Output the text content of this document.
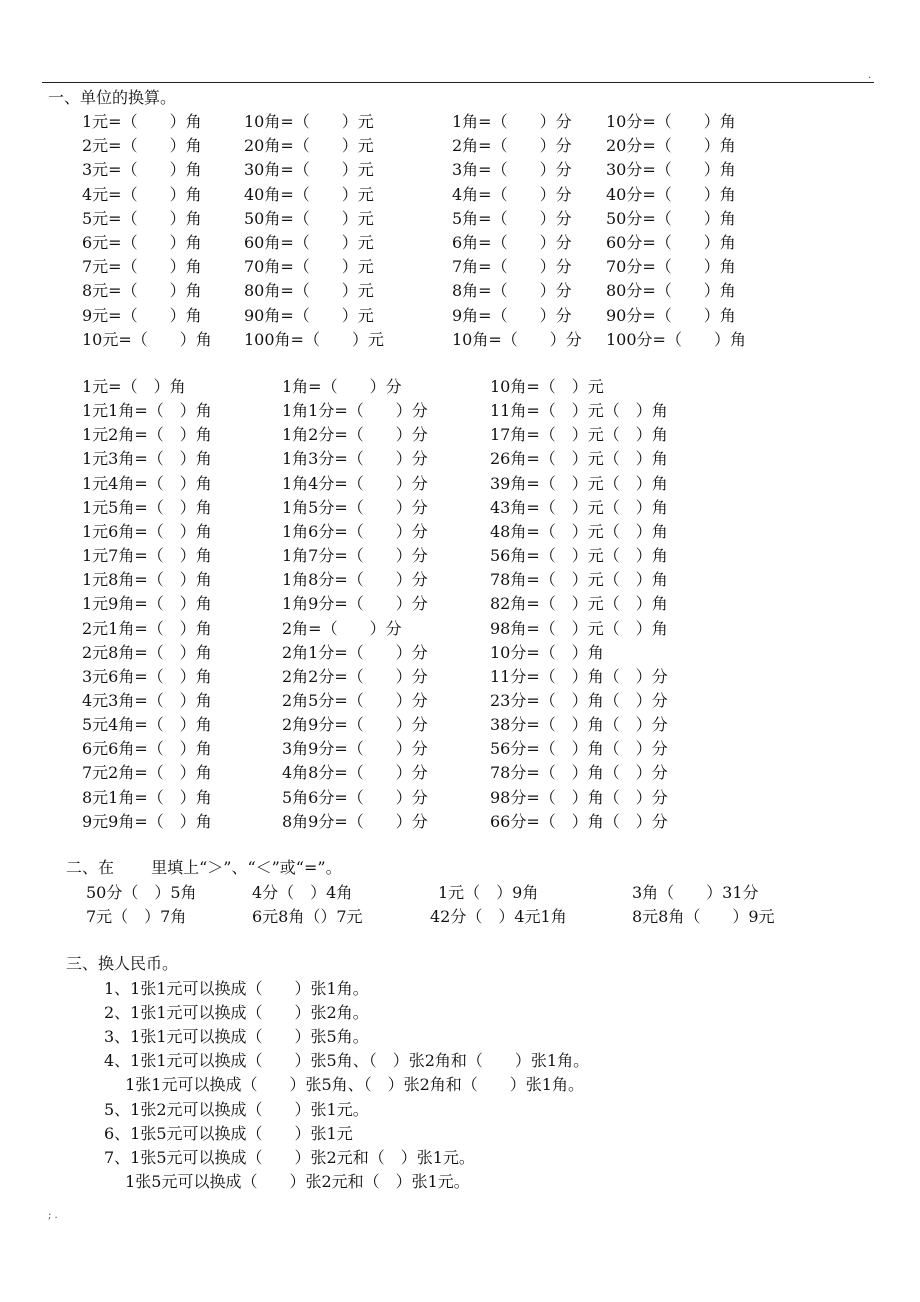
.
; .
一、单位的换算。
1元=（　　）角	10角=（　　）元	1角=（　　）分 10分=（　　）角
2元=（　　）角	20角=（　　）元	2角=（　　）分 20分=（　　）角
3元=（　　）角	30角=（　　）元	3角=（　　）分 30分=（　　）角
4元=（　　）角	40角=（　　）元	4角=（　　）分 40分=（　　）角
5元=（　　）角	50角=（　　）元	5角=（　　）分 50分=（　　）角
6元=（　　）角	60角=（　　）元	6角=（　　）分 60分=（　　）角
7元=（　　）角	70角=（　　）元	7角=（　　）分 70分=（　　）角
8元=（　　）角	80角=（　　）元	8角=（　　）分 80分=（　　）角
9元=（　　）角	90角=（　　）元	9角=（　　）分 90分=（　　）角
10元=（　　）角 100角=（　　）元	10角=（　　）分 100分=（　　）角
1元=（　）角	1角=（　　）分	10角=（　）元
1元1角=（　）角	1角1分=（　　）分	11角=（　）元（　）角
1元2角=（　）角	1角2分=（　　）分	17角=（　）元（　）角
1元3角=（　）角	1角3分=（　　）分	26角=（　）元（　）角
1元4角=（　）角	1角4分=（　　）分	39角=（　）元（　）角
1元5角=（　）角	1角5分=（　　）分	43角=（　）元（　）角
1元6角=（　）角	1角6分=（　　）分	48角=（　）元（　）角
1元7角=（　）角	1角7分=（　　）分	56角=（　）元（　）角
1元8角=（　）角	1角8分=（　　）分	78角=（　）元（　）角
1元9角=（　）角	1角9分=（　　）分	82角=（　）元（　）角
2元1角=（　）角	2角=（　　）分	98角=（　）元（　）角
2元8角=（　）角	2角1分=（　　）分	10分=（　）角
3元6角=（　）角	2角2分=（　　）分	11分=（　）角（　）分
4元3角=（　）角	2角5分=（　　）分	23分=（　）角（　）分
5元4角=（　）角	2角9分=（　　）分	38分=（　）角（　）分
6元6角=（　）角	3角9分=（　　）分	56分=（　）角（　）分
7元2角=（　）角	4角8分=（　　）分	78分=（　）角（　）分
8元1角=（　）角	5角6分=（　　）分	98分=（　）角（　）分
9元9角=（　）角	8角9分=（　　）分	66分=（　）角（　）分
二、在　　 里填上“＞”、“＜”或“=”。
50分（　）5角	4分（　）4角	1元（　）9角	3角（　　）31分
7元（　）7角	6元8角（）7元	42分（　）4元1角	8元8角（　　）9元
三、换人民币。
1、1张1元可以换成（　　）张1角。
2、1张1元可以换成（　　）张2角。
3、1张1元可以换成（　　）张5角。
4、1张1元可以换成（　　）张5角、（　）张2角和（　　）张1角。
　 1张1元可以换成（　　）张5角、（　）张2角和（　　）张1角。
5、1张2元可以换成（　　）张1元。
6、1张5元可以换成（　　）张1元
7、1张5元可以换成（　　）张2元和（　）张1元。
　 1张5元可以换成（　　）张2元和（　）张1元。
